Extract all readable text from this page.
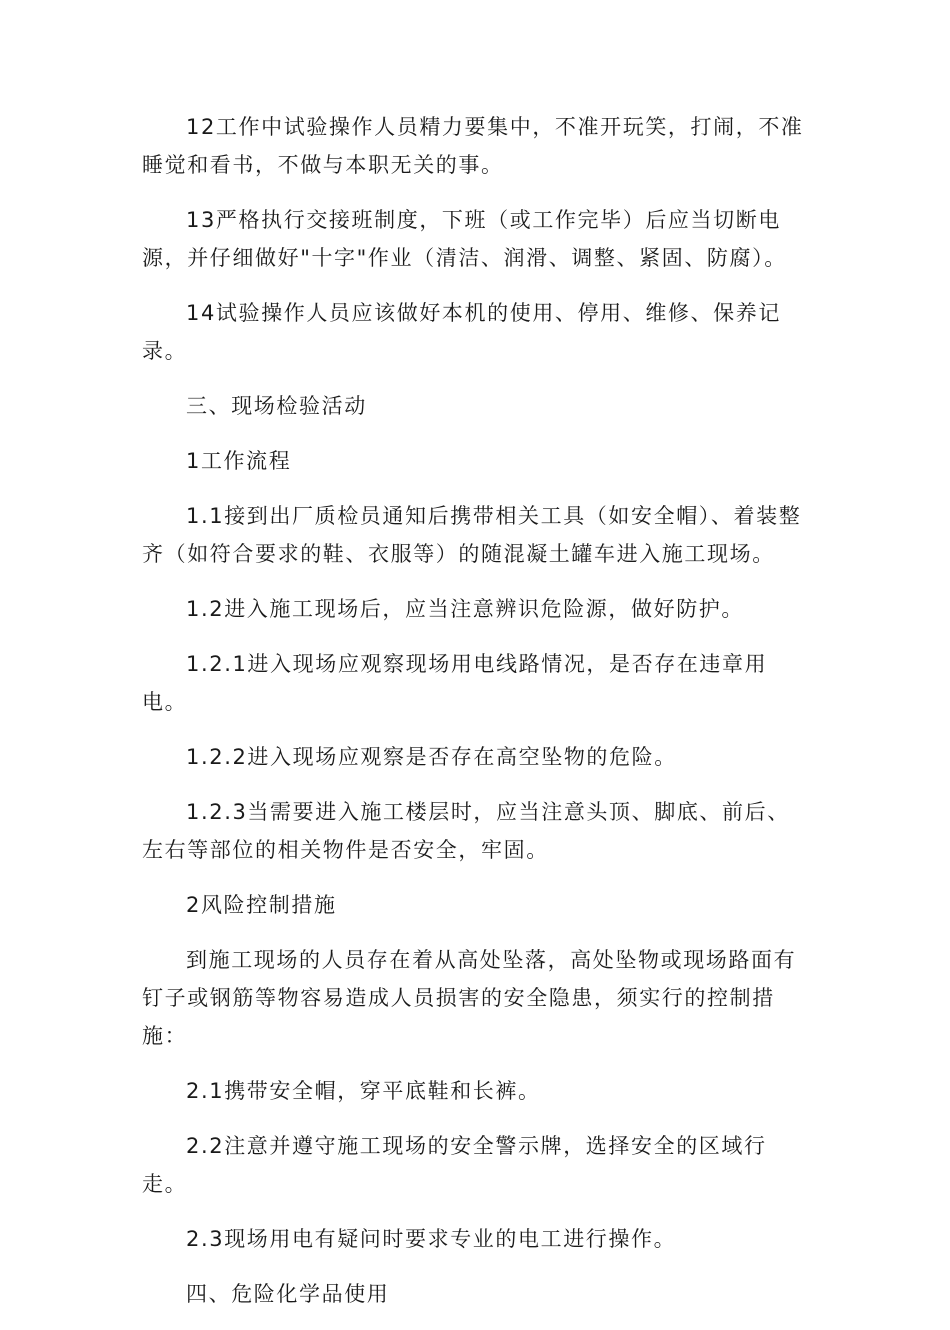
12工作中试验操作人员精力要集中，不准开玩笑，打闹，不准睡觉和看书，不做与本职无关的事。

13严格执行交接班制度，下班（或工作完毕）后应当切断电源，并仔细做好"十字"作业（清洁、润滑、调整、紧固、防腐）。

14试验操作人员应该做好本机的使用、停用、维修、保养记录。

三、现场检验活动

1工作流程

1.1接到出厂质检员通知后携带相关工具（如安全帽）、着装整齐（如符合要求的鞋、衣服等）的随混凝土罐车进入施工现场。

1.2进入施工现场后，应当注意辨识危险源，做好防护。

1.2.1进入现场应观察现场用电线路情况，是否存在违章用电。

1.2.2进入现场应观察是否存在高空坠物的危险。

1.2.3当需要进入施工楼层时，应当注意头顶、脚底、前后、左右等部位的相关物件是否安全，牢固。

2风险控制措施

到施工现场的人员存在着从高处坠落，高处坠物或现场路面有钉子或钢筋等物容易造成人员损害的安全隐患，须实行的控制措施：

2.1携带安全帽，穿平底鞋和长裤。

2.2注意并遵守施工现场的安全警示牌，选择安全的区域行走。

2.3现场用电有疑问时要求专业的电工进行操作。

四、危险化学品使用
